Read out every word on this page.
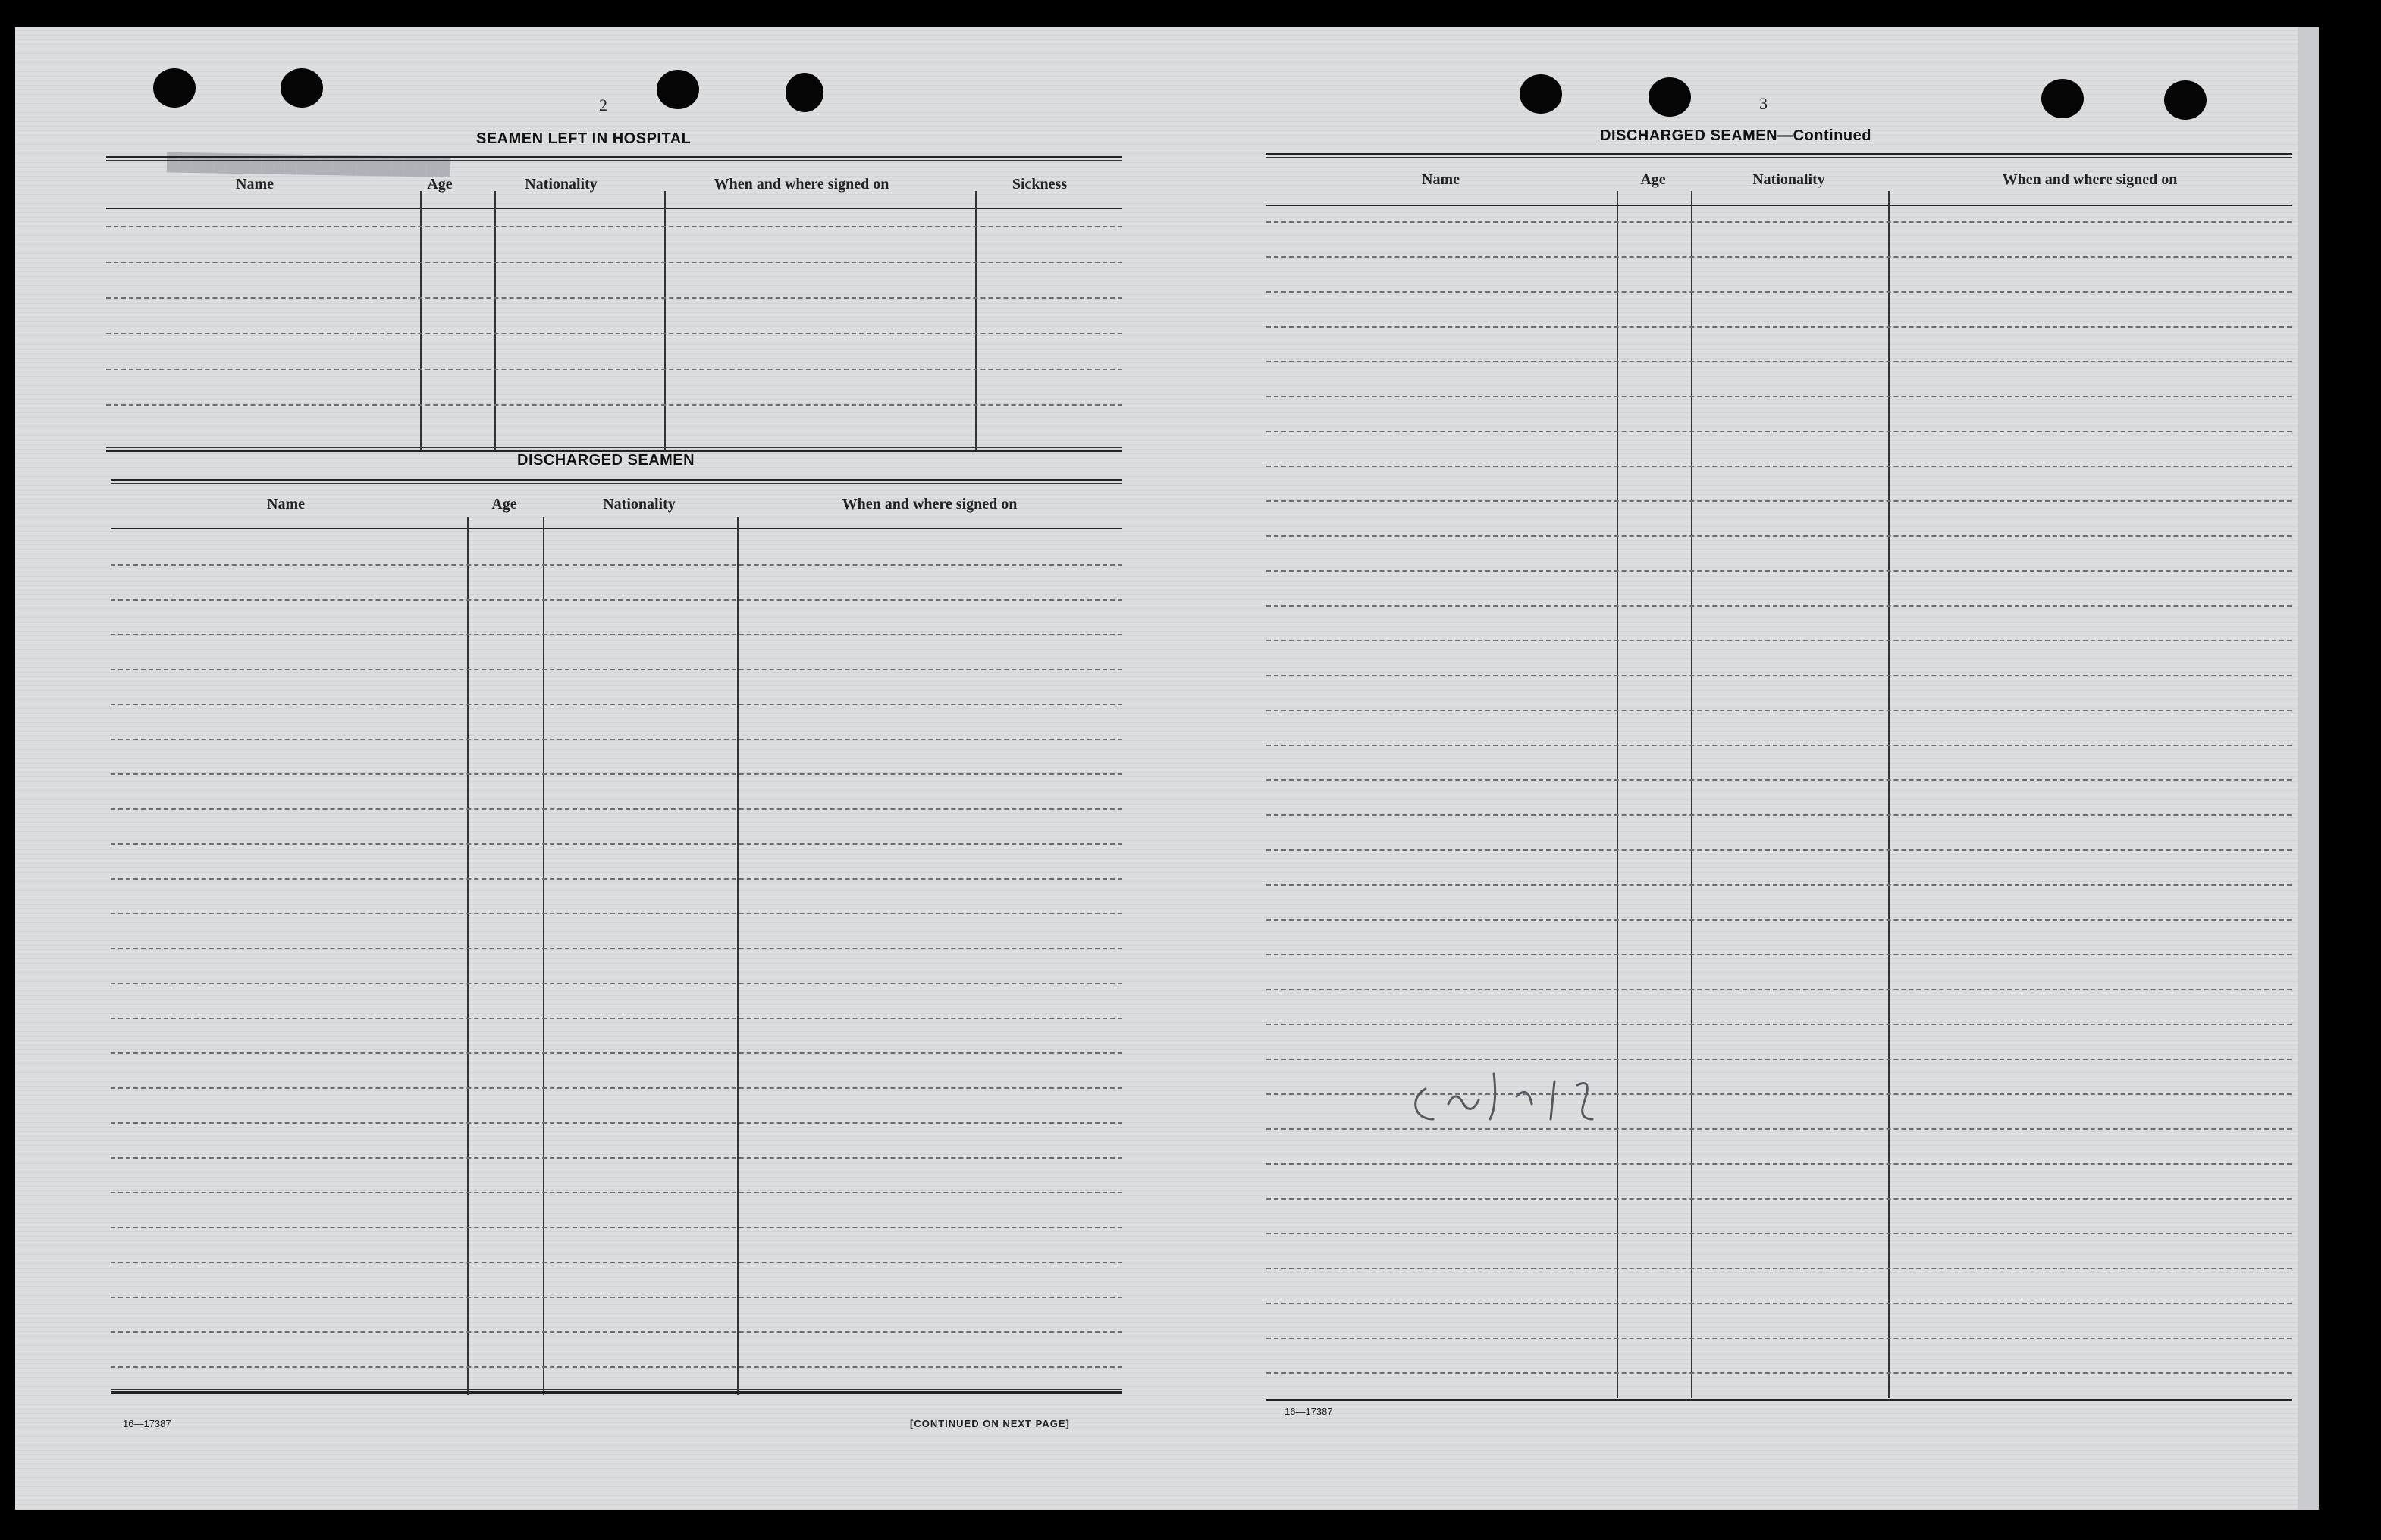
████████████████████████
2
SEAMEN LEFT IN HOSPITAL
Name	Age	Nationality	When and where signed on	Sickness
DISCHARGED SEAMEN
Name	Age	Nationality	When and where signed on
16—17387	[CONTINUED ON NEXT PAGE]
3
DISCHARGED SEAMEN—Continued
Name	Age	Nationality	When and where signed on
16—17387
